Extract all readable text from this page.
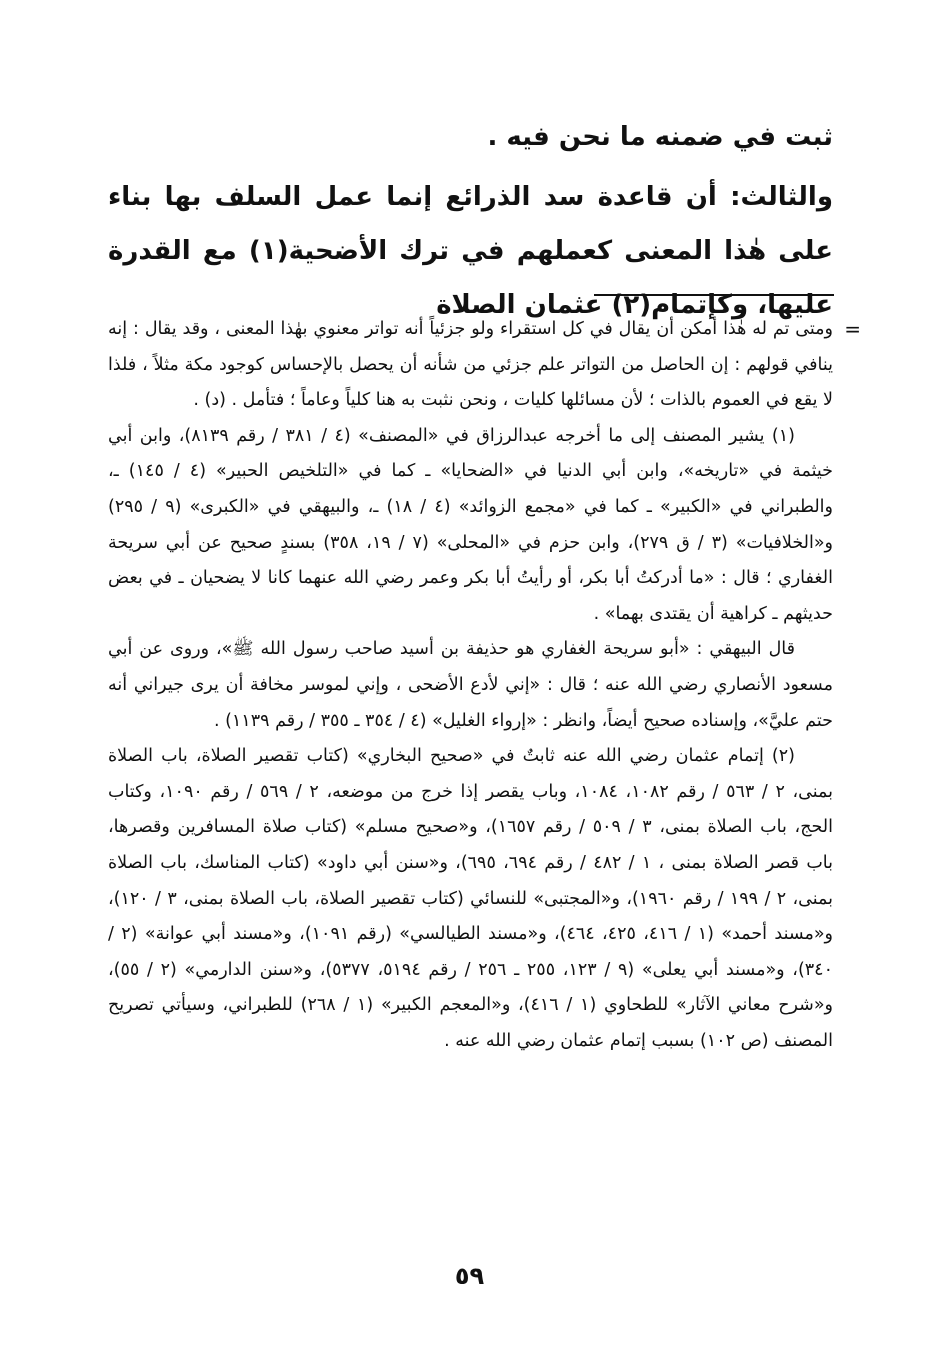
ثبت في ضمنه ما نحن فيه .
والثالث: أن قاعدة سد الذرائع إنما عمل السلف بها بناء على هٰذا المعنى كعملهم في ترك الأضحية(١) مع القدرة عليها، وكإتمام(٢) عثمان الصلاة
=

ومتى تم له هٰذا أمكن أن يقال في كل استقراء ولو جزئياً أنه تواتر معنوي بهٰذا المعنى ، وقد يقال : إنه ينافي قولهم : إن الحاصل من التواتر علم جزئي من شأنه أن يحصل بالإحساس كوجود مكة مثلاً ، فلذا لا يقع في العموم بالذات ؛ لأن مسائلها كليات ، ونحن نثبت به هنا كلياً وعاماً ؛ فتأمل . (د) .

(١) يشير المصنف إلى ما أخرجه عبدالرزاق في «المصنف» (٤ / ٣٨١ / رقم ٨١٣٩)، وابن أبي خيثمة في «تاريخه»، وابن أبي الدنيا في «الضحايا» ـ كما في «التلخيص الحبير» (٤ / ١٤٥) ـ، والطبراني في «الكبير» ـ كما في «مجمع الزوائد» (٤ / ١٨) ـ، والبيهقي في «الكبرى» (٩ / ٢٩٥) و«الخلافيات» (٣ / ق ٢٧٩)، وابن حزم في «المحلى» (٧ / ١٩، ٣٥٨) بسندٍ صحيح عن أبي سريحة الغفاري ؛ قال : «ما أدركتُ أبا بكر، أو رأيتُ أبا بكر وعمر رضي الله عنهما كانا لا يضحيان ـ في بعض حديثهم ـ كراهية أن يقتدى بهما» .

قال البيهقي : «أبو سريحة الغفاري هو حذيفة بن أسيد صاحب رسول الله ﷺ»، وروى عن أبي مسعود الأنصاري رضي الله عنه ؛ قال : «إني لأدع الأضحى ، وإني لموسر مخافة أن يرى جيراني أنه حتم عليَّ»، وإسناده صحيح أيضاً، وانظر : «إرواء الغليل» (٤ / ٣٥٤ ـ ٣٥٥ / رقم ١١٣٩) .

(٢) إتمام عثمان رضي الله عنه ثابتٌ في «صحيح البخاري» (كتاب تقصير الصلاة، باب الصلاة بمنى، ٢ / ٥٦٣ / رقم ١٠٨٢، ١٠٨٤، وباب يقصر إذا خرج من موضعه، ٢ / ٥٦٩ / رقم ١٠٩٠، وكتاب الحج، باب الصلاة بمنى، ٣ / ٥٠٩ / رقم ١٦٥٧)، و«صحيح مسلم» (كتاب صلاة المسافرين وقصرها، باب قصر الصلاة بمنى ، ١ / ٤٨٢ / رقم ٦٩٤، ٦٩٥)، و«سنن أبي داود» (كتاب المناسك، باب الصلاة بمنى، ٢ / ١٩٩ / رقم ١٩٦٠)، و«المجتبى» للنسائي (كتاب تقصير الصلاة، باب الصلاة بمنى، ٣ / ١٢٠)، و«مسند أحمد» (١ / ٤١٦، ٤٢٥، ٤٦٤)، و«مسند الطيالسي» (رقم ١٠٩١)، و«مسند أبي عوانة» (٢ / ٣٤٠)، و«مسند أبي يعلى» (٩ / ١٢٣، ٢٥٥ ـ ٢٥٦ / رقم ٥١٩٤، ٥٣٧٧)، و«سنن الدارمي» (٢ / ٥٥)، و«شرح معاني الآثار» للطحاوي (١ / ٤١٦)، و«المعجم الكبير» (١ / ٢٦٨) للطبراني، وسيأتي تصريح المصنف (ص ١٠٢) بسبب إتمام عثمان رضي الله عنه .

٥٩
